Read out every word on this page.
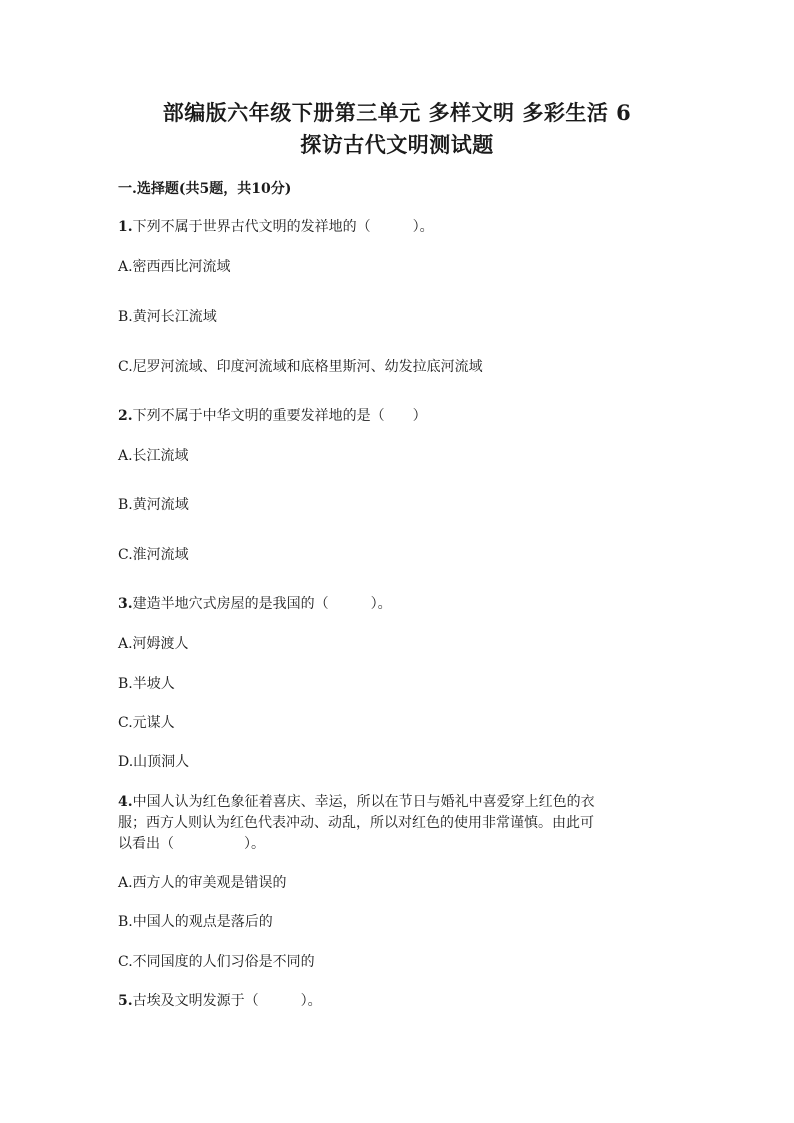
部编版六年级下册第三单元 多样文明 多彩生活 6
探访古代文明测试题
一.选择题(共5题，共10分)
1.下列不属于世界古代文明的发祥地的（　　　）。
A.密西西比河流域
B.黄河长江流域
C.尼罗河流域、印度河流域和底格里斯河、幼发拉底河流域
2.下列不属于中华文明的重要发祥地的是（　　）
A.长江流域
B.黄河流域
C.淮河流域
3.建造半地穴式房屋的是我国的（　　　）。
A.河姆渡人
B.半坡人
C.元谋人
D.山顶洞人
4.中国人认为红色象征着喜庆、幸运，所以在节日与婚礼中喜爱穿上红色的衣
服；西方人则认为红色代表冲动、动乱，所以对红色的使用非常谨慎。由此可
以看出（　　　　　）。
A.西方人的审美观是错误的
B.中国人的观点是落后的
C.不同国度的人们习俗是不同的
5.古埃及文明发源于（　　　）。
